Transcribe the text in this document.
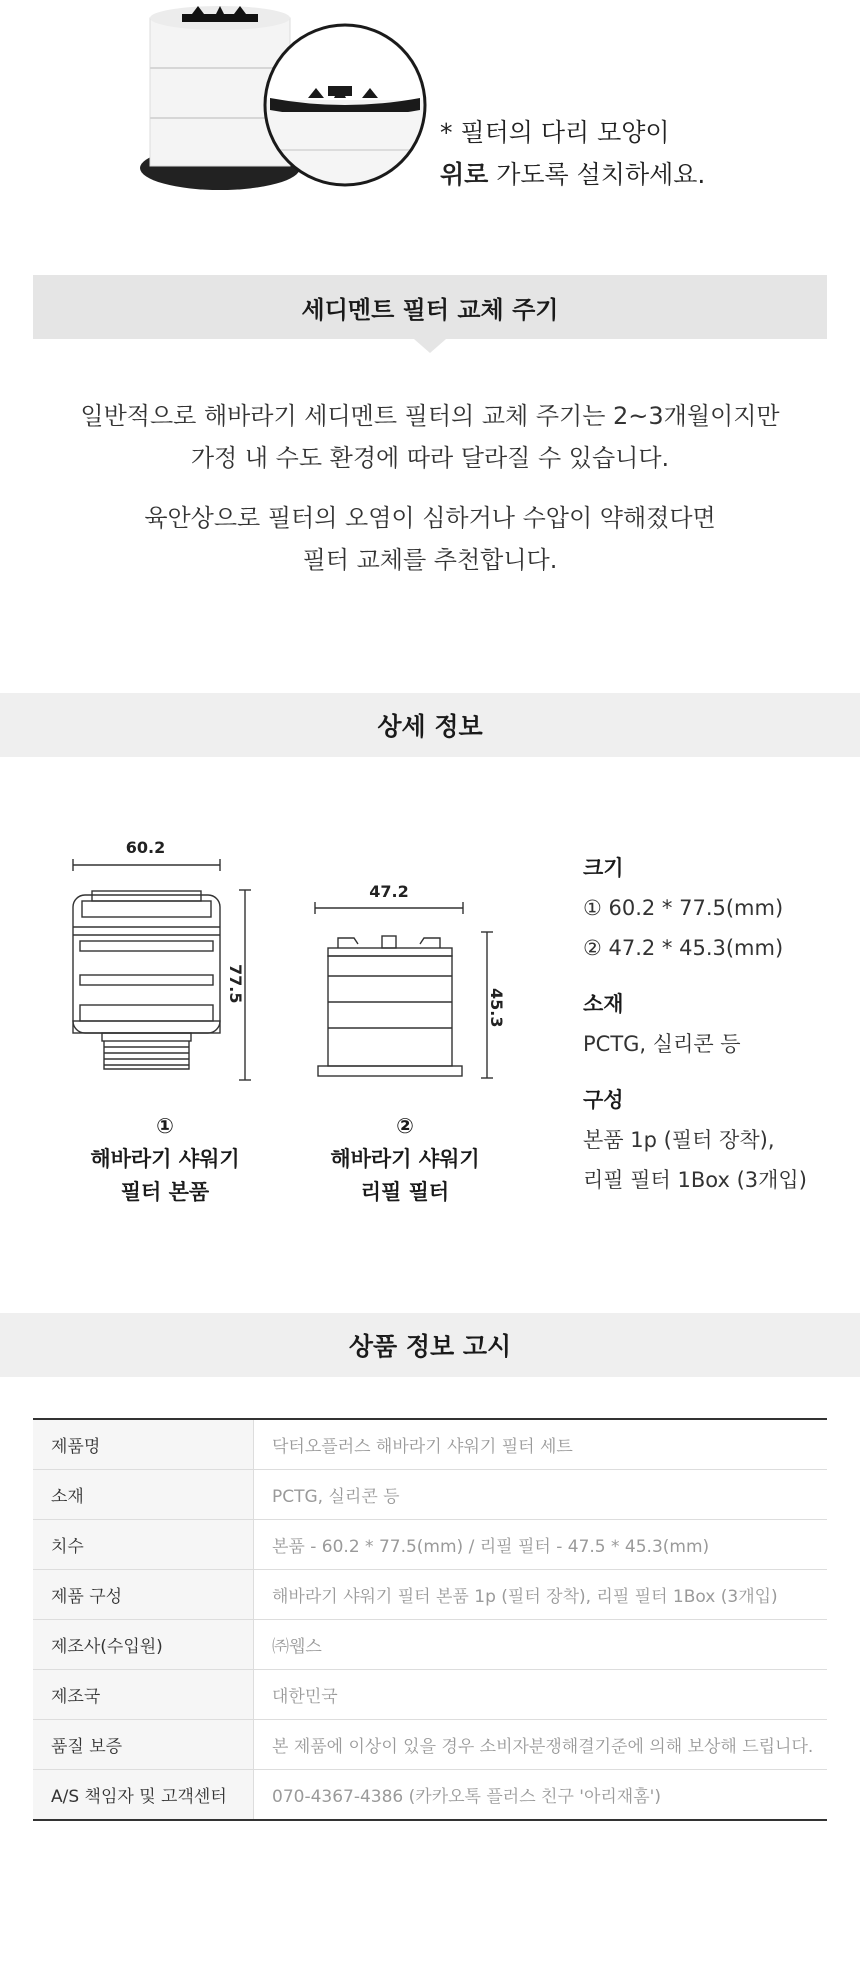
* 필터의 다리 모양이
위로 가도록 설치하세요.
세디멘트 필터 교체 주기
일반적으로 해바라기 세디멘트 필터의 교체 주기는 2~3개월이지만
가정 내 수도 환경에 따라 달라질 수 있습니다.
육안상으로 필터의 오염이 심하거나 수압이 약해졌다면
필터 교체를 추천합니다.
상세 정보
60.2
77.5
①
해바라기 샤워기
필터 본품
47.2
45.3
②
해바라기 샤워기
리필 필터
크기
① 60.2 * 77.5(mm)
② 47.2 * 45.3(mm)
소재
PCTG, 실리콘 등
구성
본품 1p (필터 장착),
리필 필터 1Box (3개입)
상품 정보 고시
제품명	닥터오플러스 해바라기 샤워기 필터 세트
소재	PCTG, 실리콘 등
치수	본품 - 60.2 * 77.5(mm) / 리필 필터 - 47.5 * 45.3(mm)
제품 구성	해바라기 샤워기 필터 본품 1p (필터 장착), 리필 필터 1Box (3개입)
제조사(수입원)	㈜웹스
제조국	대한민국
품질 보증	본 제품에 이상이 있을 경우 소비자분쟁해결기준에 의해 보상해 드립니다.
A/S 책임자 및 고객센터	070-4367-4386 (카카오톡 플러스 친구 '아리재홈')
